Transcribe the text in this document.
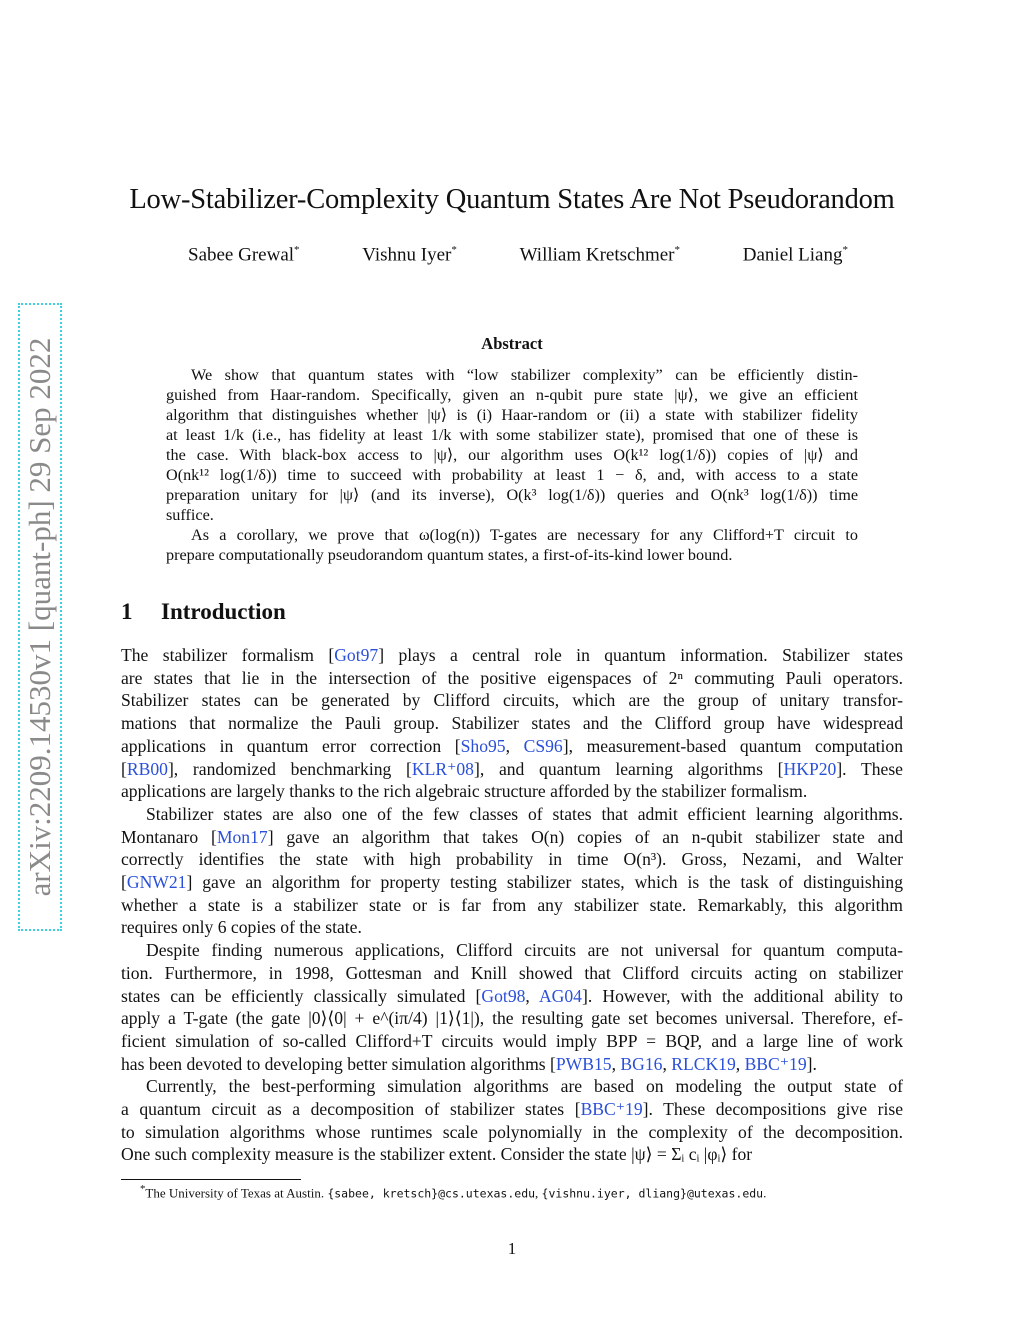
arXiv:2209.14530v1 [quant-ph] 29 Sep 2022
Low-Stabilizer-Complexity Quantum States Are Not Pseudorandom
Sabee Grewal*	Vishnu Iyer*	William Kretschmer*	Daniel Liang*
Abstract
We show that quantum states with “low stabilizer complexity” can be efficiently distin-
guished from Haar-random. Specifically, given an n-qubit pure state |ψ⟩, we give an efficient
algorithm that distinguishes whether |ψ⟩ is (i) Haar-random or (ii) a state with stabilizer fidelity
at least 1/k (i.e., has fidelity at least 1/k with some stabilizer state), promised that one of these is
the case. With black-box access to |ψ⟩, our algorithm uses O(k¹² log(1/δ)) copies of |ψ⟩ and
O(nk¹² log(1/δ)) time to succeed with probability at least 1 − δ, and, with access to a state
preparation unitary for |ψ⟩ (and its inverse), O(k³ log(1/δ)) queries and O(nk³ log(1/δ)) time
suffice.
As a corollary, we prove that ω(log(n)) T-gates are necessary for any Clifford+T circuit to
prepare computationally pseudorandom quantum states, a first-of-its-kind lower bound.
1 Introduction
The stabilizer formalism [Got97] plays a central role in quantum information. Stabilizer states
are states that lie in the intersection of the positive eigenspaces of 2ⁿ commuting Pauli operators.
Stabilizer states can be generated by Clifford circuits, which are the group of unitary transfor-
mations that normalize the Pauli group. Stabilizer states and the Clifford group have widespread
applications in quantum error correction [Sho95, CS96], measurement-based quantum computation
[RB00], randomized benchmarking [KLR⁺08], and quantum learning algorithms [HKP20]. These
applications are largely thanks to the rich algebraic structure afforded by the stabilizer formalism.
Stabilizer states are also one of the few classes of states that admit efficient learning algorithms.
Montanaro [Mon17] gave an algorithm that takes O(n) copies of an n-qubit stabilizer state and
correctly identifies the state with high probability in time O(n³). Gross, Nezami, and Walter
[GNW21] gave an algorithm for property testing stabilizer states, which is the task of distinguishing
whether a state is a stabilizer state or is far from any stabilizer state. Remarkably, this algorithm
requires only 6 copies of the state.
Despite finding numerous applications, Clifford circuits are not universal for quantum computa-
tion. Furthermore, in 1998, Gottesman and Knill showed that Clifford circuits acting on stabilizer
states can be efficiently classically simulated [Got98, AG04]. However, with the additional ability to
apply a T-gate (the gate |0⟩⟨0| + e^(iπ/4) |1⟩⟨1|), the resulting gate set becomes universal. Therefore, ef-
ficient simulation of so-called Clifford+T circuits would imply BPP = BQP, and a large line of work
has been devoted to developing better simulation algorithms [PWB15, BG16, RLCK19, BBC⁺19].
Currently, the best-performing simulation algorithms are based on modeling the output state of
a quantum circuit as a decomposition of stabilizer states [BBC⁺19]. These decompositions give rise
to simulation algorithms whose runtimes scale polynomially in the complexity of the decomposition.
One such complexity measure is the stabilizer extent. Consider the state |ψ⟩ = Σᵢ cᵢ |φᵢ⟩ for
*The University of Texas at Austin. {sabee, kretsch}@cs.utexas.edu, {vishnu.iyer, dliang}@utexas.edu.
1
